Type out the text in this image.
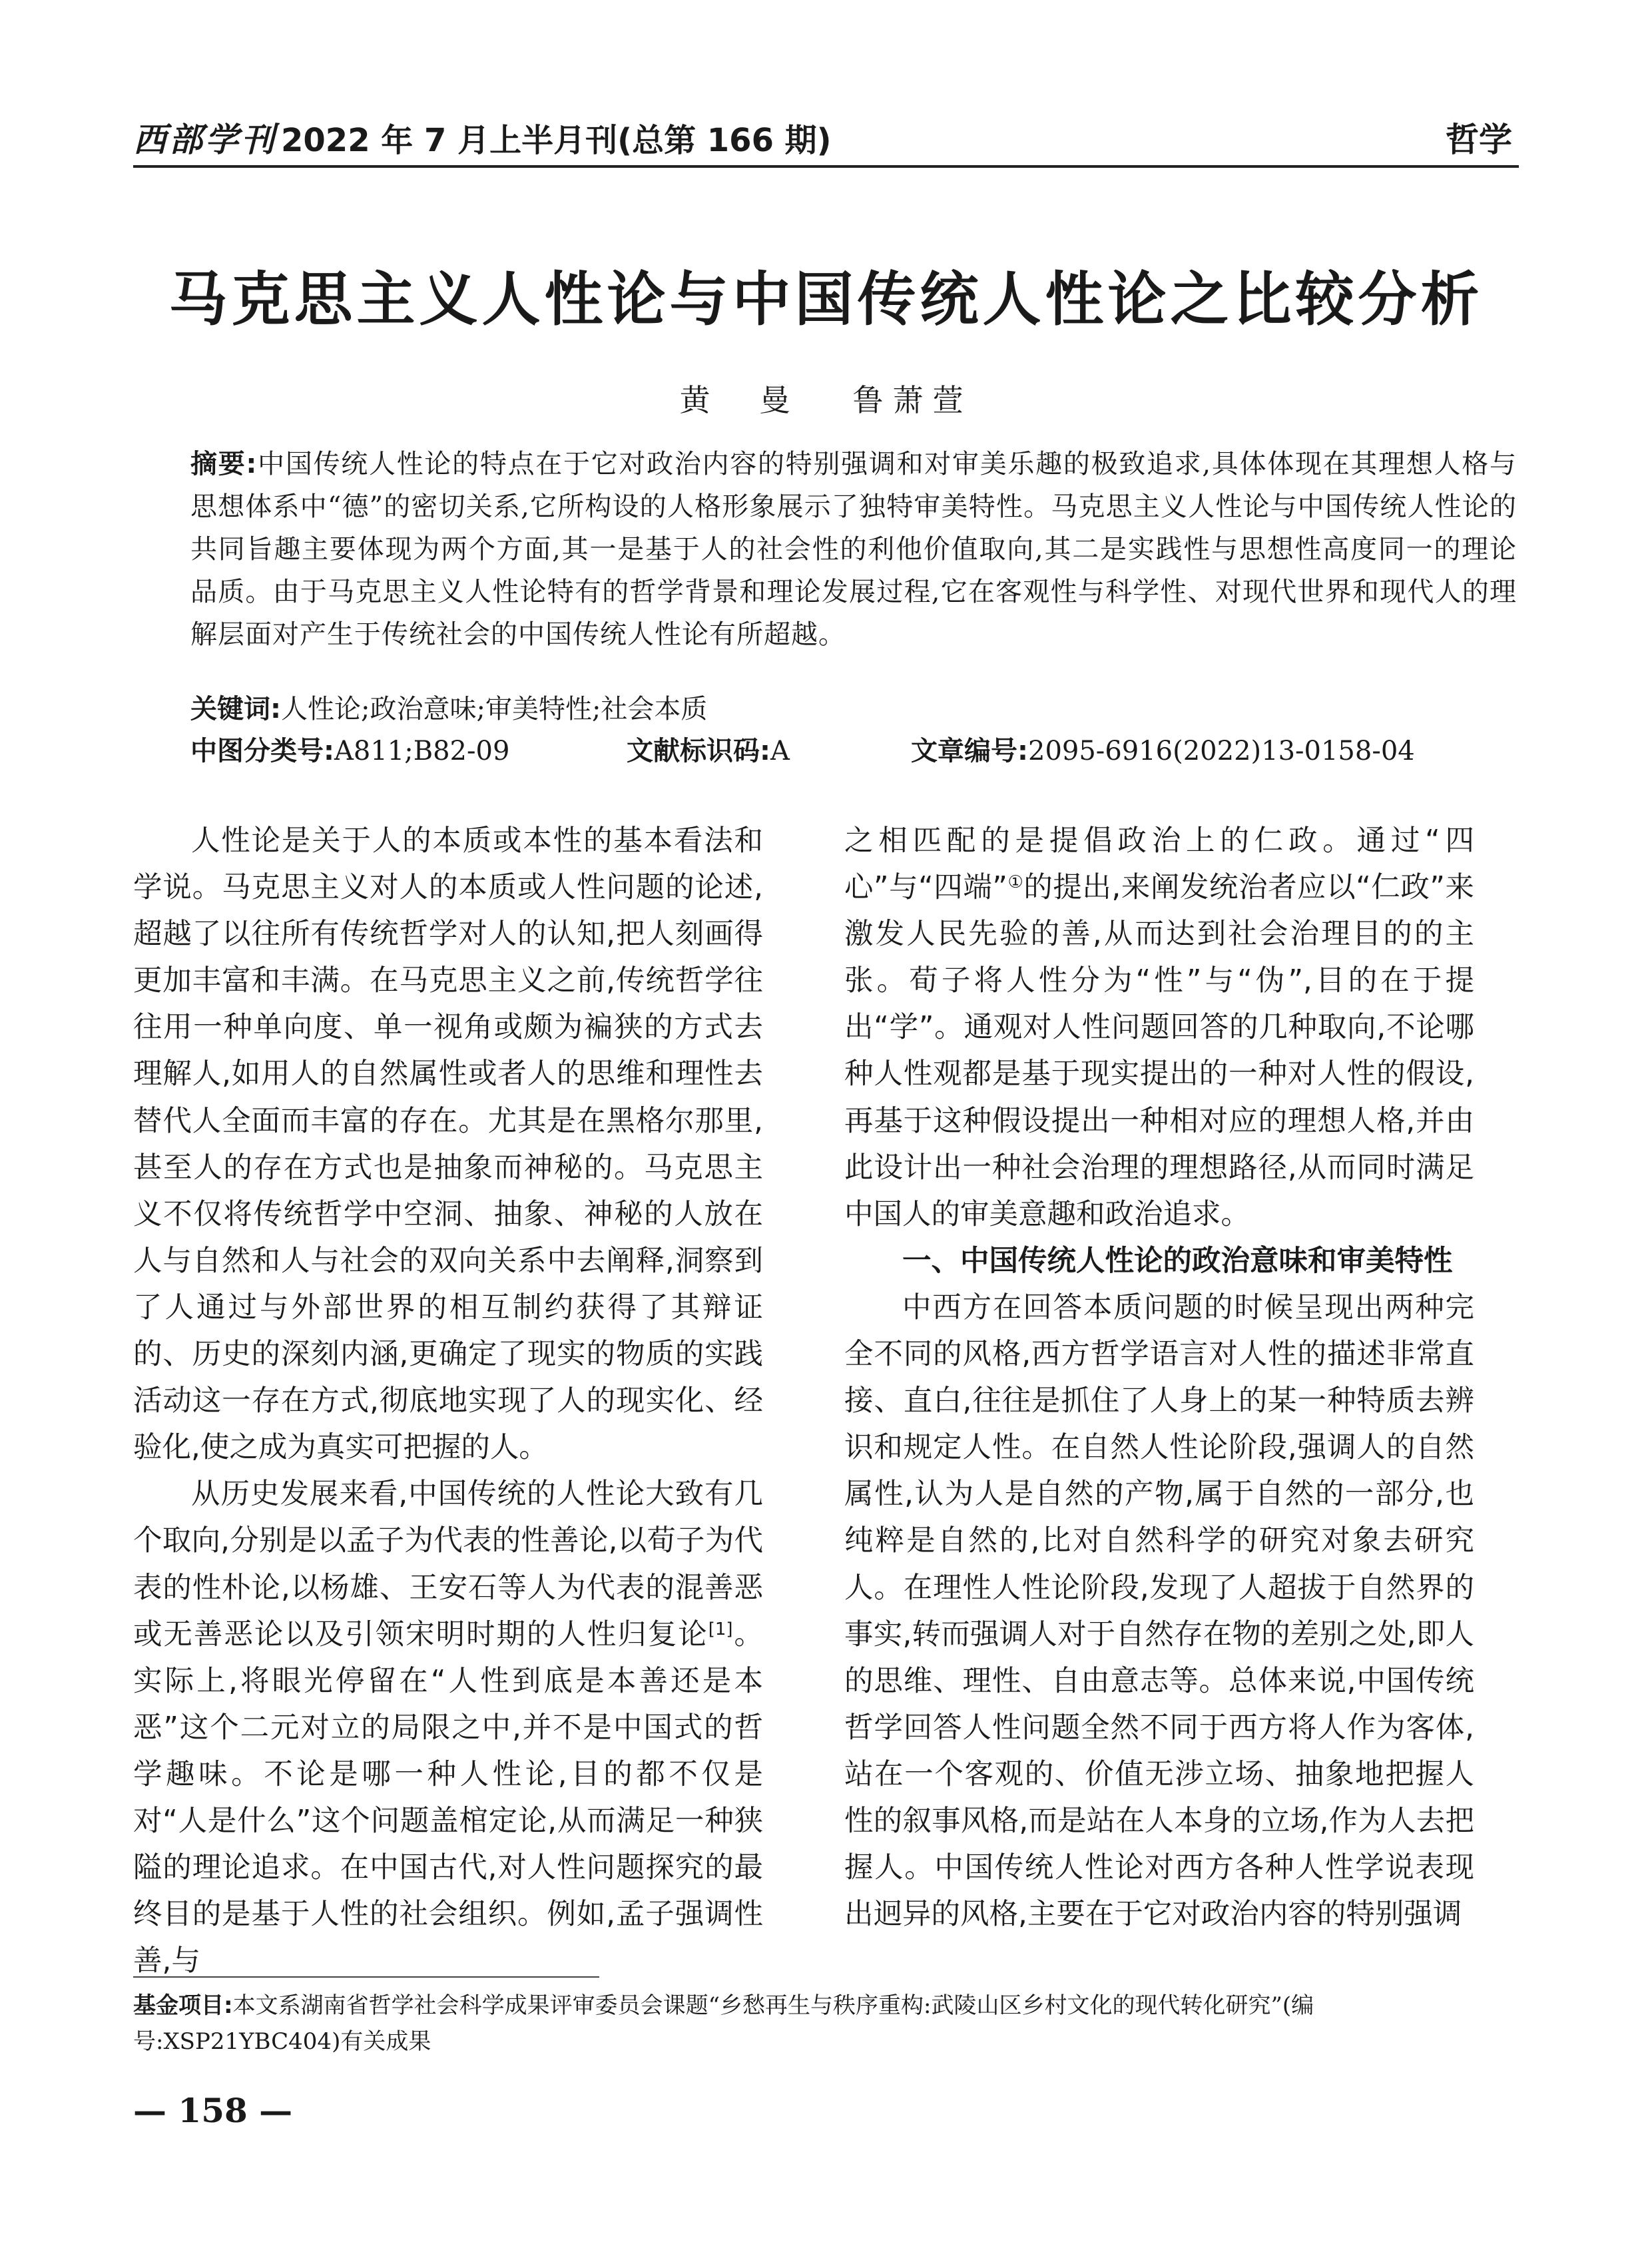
西部学刊 2022 年 7 月上半月刊(总第 166 期)	哲学
马克思主义人性论与中国传统人性论之比较分析
黄　曼 鲁萧萱
摘要:中国传统人性论的特点在于它对政治内容的特别强调和对审美乐趣的极致追求,具体体现在其理想人格与思想体系中“德”的密切关系,它所构设的人格形象展示了独特审美特性。马克思主义人性论与中国传统人性论的共同旨趣主要体现为两个方面,其一是基于人的社会性的利他价值取向,其二是实践性与思想性高度同一的理论品质。由于马克思主义人性论特有的哲学背景和理论发展过程,它在客观性与科学性、对现代世界和现代人的理解层面对产生于传统社会的中国传统人性论有所超越。
关键词:人性论;政治意味;审美特性;社会本质
中图分类号:A811;B82-09	文献标识码:A	文章编号:2095-6916(2022)13-0158-04

人性论是关于人的本质或本性的基本看法和学说。马克思主义对人的本质或人性问题的论述,超越了以往所有传统哲学对人的认知,把人刻画得更加丰富和丰满。在马克思主义之前,传统哲学往往用一种单向度、单一视角或颇为褊狭的方式去理解人,如用人的自然属性或者人的思维和理性去替代人全面而丰富的存在。尤其是在黑格尔那里,甚至人的存在方式也是抽象而神秘的。马克思主义不仅将传统哲学中空洞、抽象、神秘的人放在人与自然和人与社会的双向关系中去阐释,洞察到了人通过与外部世界的相互制约获得了其辩证的、历史的深刻内涵,更确定了现实的物质的实践活动这一存在方式,彻底地实现了人的现实化、经验化,使之成为真实可把握的人。

从历史发展来看,中国传统的人性论大致有几个取向,分别是以孟子为代表的性善论,以荀子为代表的性朴论,以杨雄、王安石等人为代表的混善恶或无善恶论以及引领宋明时期的人性归复论[1]。实际上,将眼光停留在“人性到底是本善还是本恶”这个二元对立的局限之中,并不是中国式的哲学趣味。不论是哪一种人性论,目的都不仅是对“人是什么”这个问题盖棺定论,从而满足一种狭隘的理论追求。在中国古代,对人性问题探究的最终目的是基于人性的社会组织。例如,孟子强调性善,与

之相匹配的是提倡政治上的仁政。通过“四心”与“四端”①的提出,来阐发统治者应以“仁政”来激发人民先验的善,从而达到社会治理目的的主张。荀子将人性分为“性”与“伪”,目的在于提出“学”。通观对人性问题回答的几种取向,不论哪种人性观都是基于现实提出的一种对人性的假设,再基于这种假设提出一种相对应的理想人格,并由此设计出一种社会治理的理想路径,从而同时满足中国人的审美意趣和政治追求。

一、中国传统人性论的政治意味和审美特性

中西方在回答本质问题的时候呈现出两种完全不同的风格,西方哲学语言对人性的描述非常直接、直白,往往是抓住了人身上的某一种特质去辨识和规定人性。在自然人性论阶段,强调人的自然属性,认为人是自然的产物,属于自然的一部分,也纯粹是自然的,比对自然科学的研究对象去研究人。在理性人性论阶段,发现了人超拔于自然界的事实,转而强调人对于自然存在物的差别之处,即人的思维、理性、自由意志等。总体来说,中国传统哲学回答人性问题全然不同于西方将人作为客体,站在一个客观的、价值无涉立场、抽象地把握人性的叙事风格,而是站在人本身的立场,作为人去把握人。中国传统人性论对西方各种人性学说表现出迥异的风格,主要在于它对政治内容的特别强调

基金项目:本文系湖南省哲学社会科学成果评审委员会课题“乡愁再生与秩序重构:武陵山区乡村文化的现代转化研究”(编号:XSP21YBC404)有关成果
— 158 —
